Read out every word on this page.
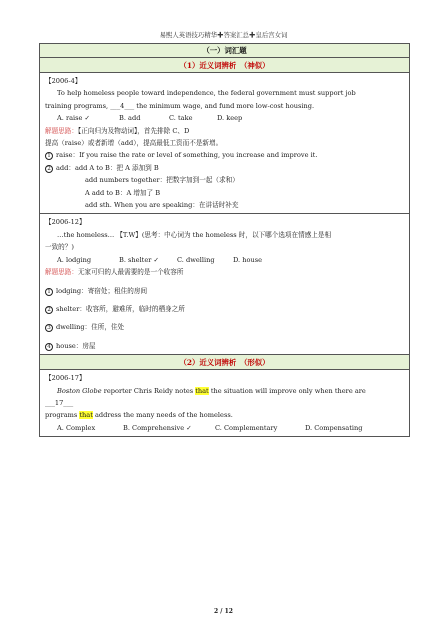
易熙人英语技巧精华✚答案汇总✚皇后宫女词
（一）词汇题
（1）近义词辨析　（神似）
【2006-4】
To help homeless people toward independence, the federal government must support job
training programs, ___4___ the minimum wage, and fund more low-cost housing.
A. raise ✓	B. add	C. take	D. keep
解题思路：【正向归为及物动词】，首先排除 C、D
提高（raise）或者新增（add），提高最低工资而不是新增。
1 raise：If you raise the rate or level of something, you increase and improve it.
2 add：add A to B：把 A 添加到 B
add numbers together：把数字加到一起（求和）
A add to B：A 增加了 B
add sth. When you are speaking：在讲话时补充
【2006-12】
…the homeless… 【T.W】(思考：中心词为 the homeless 时，以下哪个选项在情感上是相
一致的？)
A. lodging	B. shelter ✓	C. dwelling	D. house
解题思路：无家可归的人最需要的是一个收容所
1 lodging：寄宿处；租住的房间
2 shelter：收容所，避难所，临时的栖身之所
3 dwelling：住所，住处
4 house：房屋
（2）近义词辨析　（形似）
【2006-17】
Boston Globe reporter Chris Reidy notes that the situation will improve only when there are
___17___
programs that address the many needs of the homeless.
A. Complex	B. Comprehensive ✓	C. Complementary	D. Compensating
2 / 12
